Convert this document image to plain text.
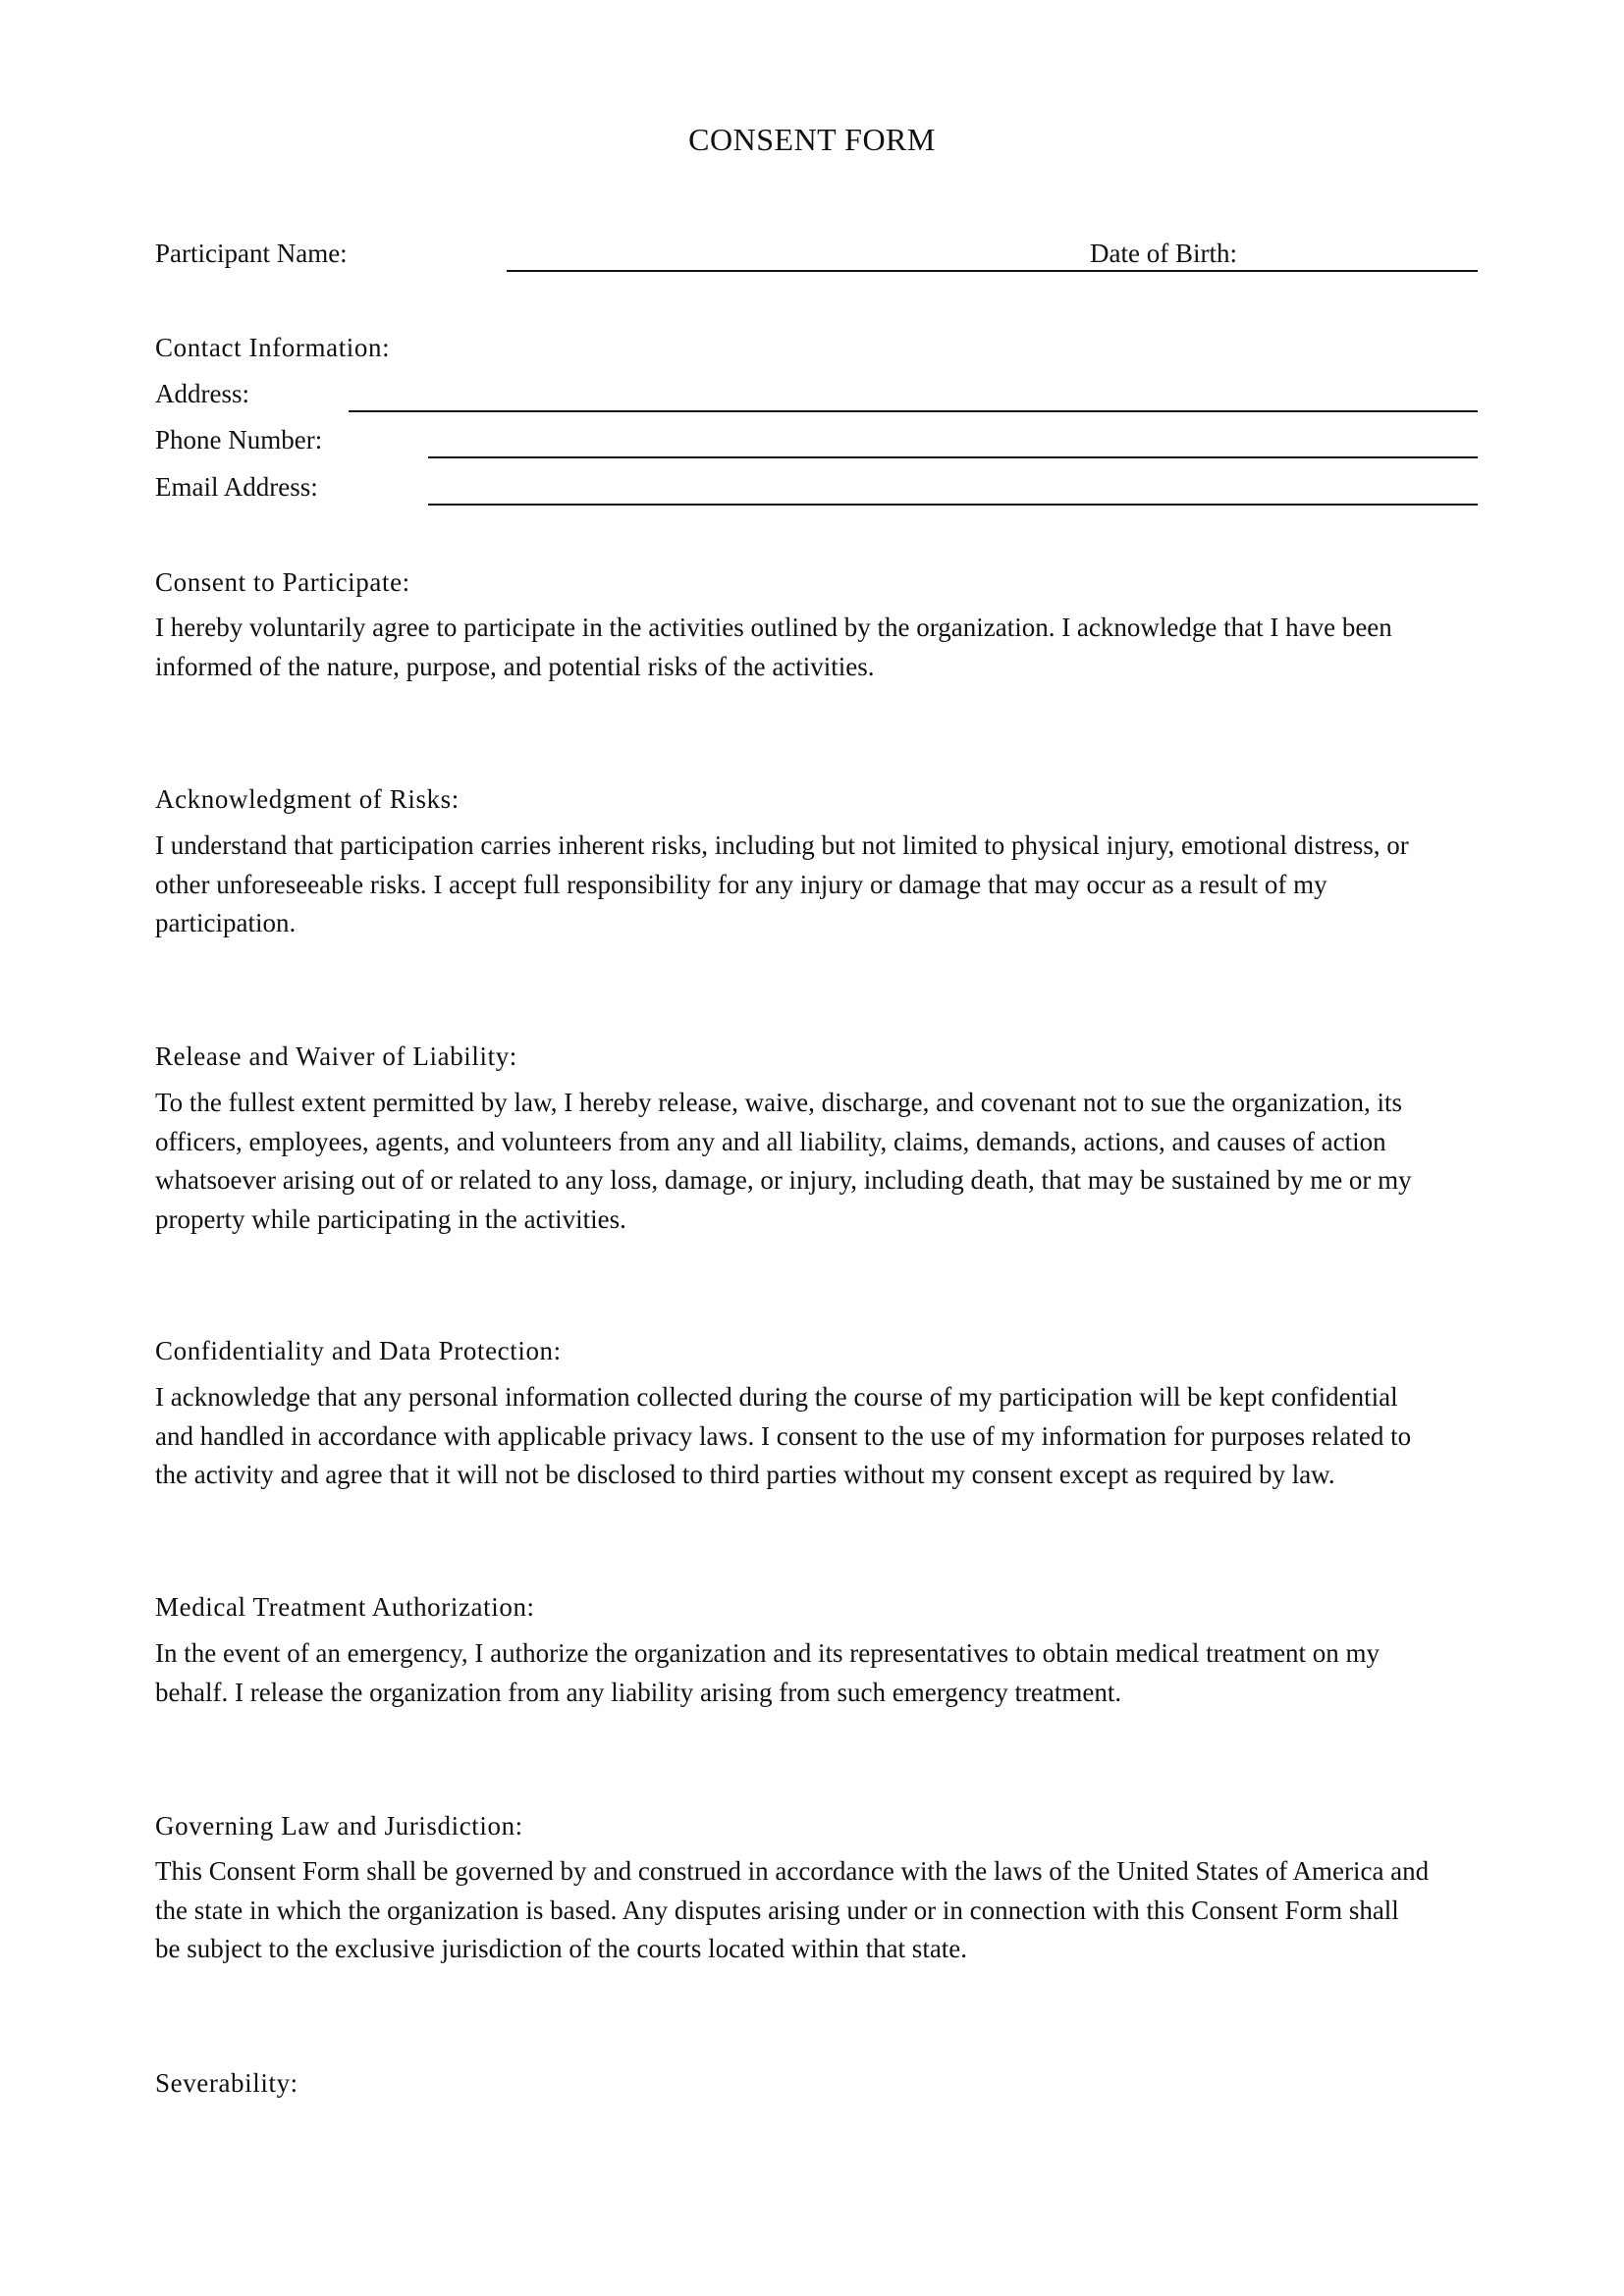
CONSENT FORM
Participant Name:	Date of Birth:
Contact Information:
Address:
Phone Number:
Email Address:
Consent to Participate:
I hereby voluntarily agree to participate in the activities outlined by the organization. I acknowledge that I have been
informed of the nature, purpose, and potential risks of the activities.
Acknowledgment of Risks:
I understand that participation carries inherent risks, including but not limited to physical injury, emotional distress, or
other unforeseeable risks. I accept full responsibility for any injury or damage that may occur as a result of my
participation.
Release and Waiver of Liability:
To the fullest extent permitted by law, I hereby release, waive, discharge, and covenant not to sue the organization, its
officers, employees, agents, and volunteers from any and all liability, claims, demands, actions, and causes of action
whatsoever arising out of or related to any loss, damage, or injury, including death, that may be sustained by me or my
property while participating in the activities.
Confidentiality and Data Protection:
I acknowledge that any personal information collected during the course of my participation will be kept confidential
and handled in accordance with applicable privacy laws. I consent to the use of my information for purposes related to
the activity and agree that it will not be disclosed to third parties without my consent except as required by law.
Medical Treatment Authorization:
In the event of an emergency, I authorize the organization and its representatives to obtain medical treatment on my
behalf. I release the organization from any liability arising from such emergency treatment.
Governing Law and Jurisdiction:
This Consent Form shall be governed by and construed in accordance with the laws of the United States of America and
the state in which the organization is based. Any disputes arising under or in connection with this Consent Form shall
be subject to the exclusive jurisdiction of the courts located within that state.
Severability:
